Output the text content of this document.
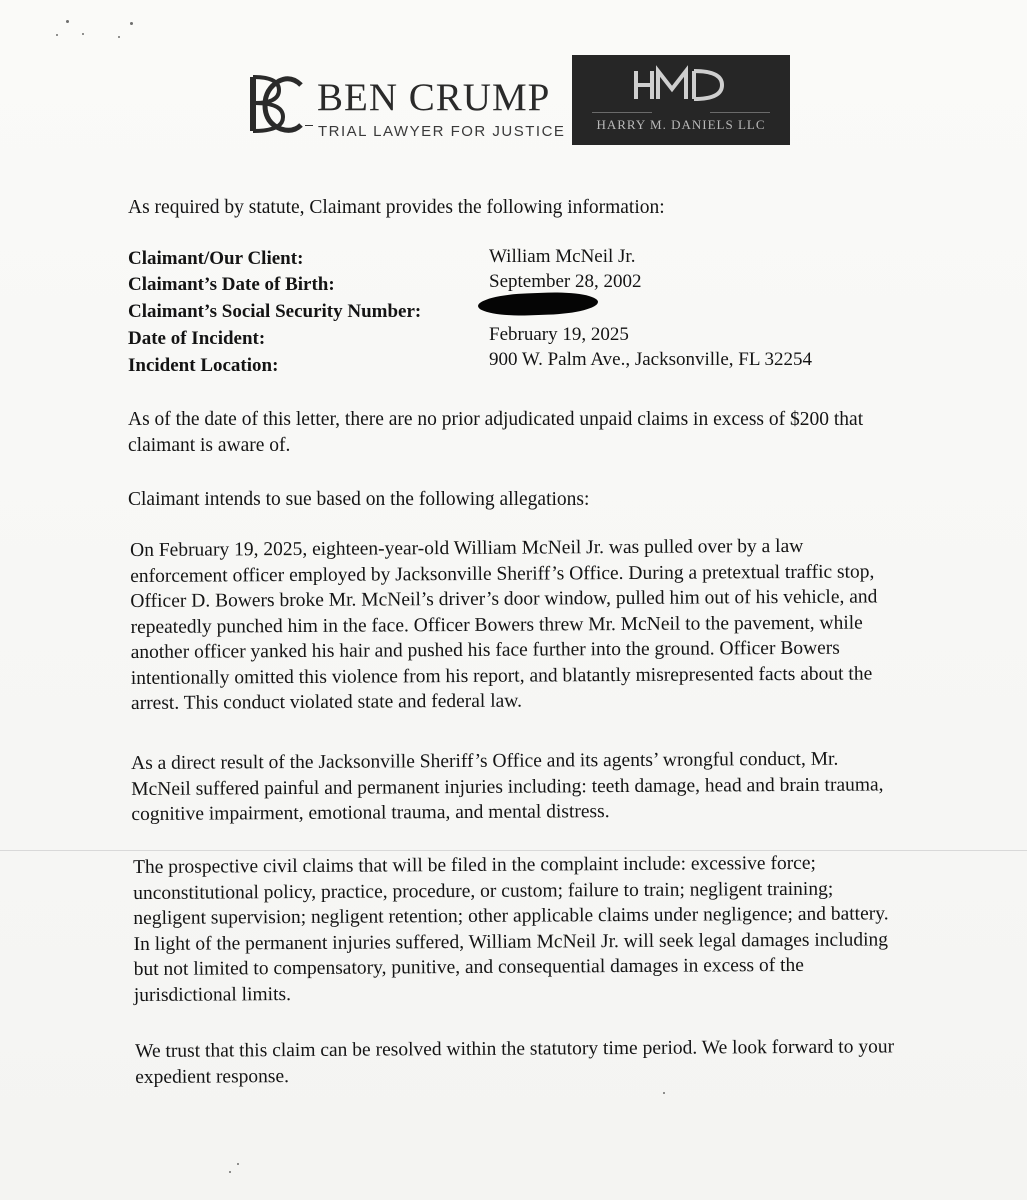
BEN CRUMP
TRIAL LAWYER FOR JUSTICE	HARRY M. DANIELS LLC
As required by statute, Claimant provides the following information:
Claimant/Our Client:	William McNeil Jr.
Claimant’s Date of Birth:	September 28, 2002
Claimant’s Social Security Number:
Date of Incident:	February 19, 2025
Incident Location:	900 W. Palm Ave., Jacksonville, FL 32254

As of the date of this letter, there are no prior adjudicated unpaid claims in excess of $200 that

claimant is aware of.

Claimant intends to sue based on the following allegations:

On February 19, 2025, eighteen-year-old William McNeil Jr. was pulled over by a law

enforcement officer employed by Jacksonville Sheriff’s Office. During a pretextual traffic stop,

Officer D. Bowers broke Mr. McNeil’s driver’s door window, pulled him out of his vehicle, and

repeatedly punched him in the face. Officer Bowers threw Mr. McNeil to the pavement, while

another officer yanked his hair and pushed his face further into the ground. Officer Bowers

intentionally omitted this violence from his report, and blatantly misrepresented facts about the

arrest. This conduct violated state and federal law.

As a direct result of the Jacksonville Sheriff’s Office and its agents’ wrongful conduct, Mr.

McNeil suffered painful and permanent injuries including: teeth damage, head and brain trauma,

cognitive impairment, emotional trauma, and mental distress.

The prospective civil claims that will be filed in the complaint include: excessive force;

unconstitutional policy, practice, procedure, or custom; failure to train; negligent training;

negligent supervision; negligent retention; other applicable claims under negligence; and battery.

In light of the permanent injuries suffered, William McNeil Jr. will seek legal damages including

but not limited to compensatory, punitive, and consequential damages in excess of the

jurisdictional limits.

We trust that this claim can be resolved within the statutory time period. We look forward to your

expedient response.
